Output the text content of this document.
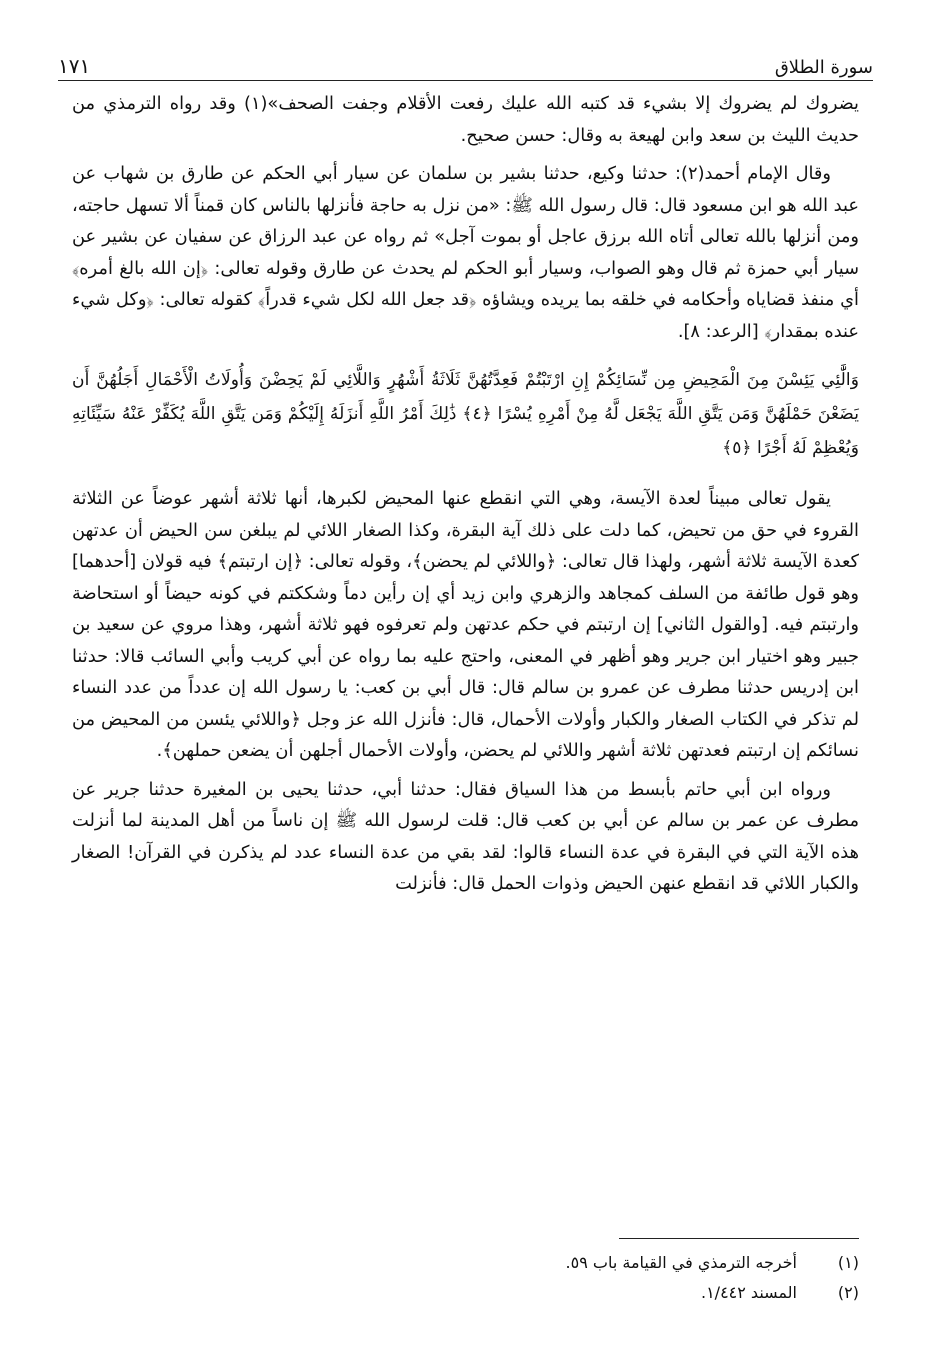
سورة الطلاق
١٧١

يضروك لم يضروك إلا بشيء قد كتبه الله عليك رفعت الأقلام وجفت الصحف»(١) وقد رواه الترمذي من حديث الليث بن سعد وابن لهيعة به وقال: حسن صحيح.

وقال الإمام أحمد(٢): حدثنا وكيع، حدثنا بشير بن سلمان عن سيار أبي الحكم عن طارق بن شهاب عن عبد الله هو ابن مسعود قال: قال رسول الله ﷺ: «من نزل به حاجة فأنزلها بالناس كان قمناً ألا تسهل حاجته، ومن أنزلها بالله تعالى أتاه الله برزق عاجل أو بموت آجل» ثم رواه عن عبد الرزاق عن سفيان عن بشير عن سيار أبي حمزة ثم قال وهو الصواب، وسيار أبو الحكم لم يحدث عن طارق وقوله تعالى: ﴿إن الله بالغ أمره﴾ أي منفذ قضاياه وأحكامه في خلقه بما يريده ويشاؤه ﴿قد جعل الله لكل شيء قدراً﴾ كقوله تعالى: ﴿وكل شيء عنده بمقدار﴾ [الرعد: ٨].

وَالَّٰئِي يَئِسْنَ مِنَ الْمَحِيضِ مِن نِّسَائِكُمْ إِنِ ارْتَبْتُمْ فَعِدَّتُهُنَّ ثَلَاثَةُ أَشْهُرٍ وَاللَّائِي لَمْ يَحِضْنَ وَأُولَاتُ الْأَحْمَالِ أَجَلُهُنَّ أَن يَضَعْنَ حَمْلَهُنَّ وَمَن يَتَّقِ اللَّهَ يَجْعَل لَّهُ مِنْ أَمْرِهِ يُسْرًا ﴿٤﴾ ذَٰلِكَ أَمْرُ اللَّهِ أَنزَلَهُ إِلَيْكُمْ وَمَن يَتَّقِ اللَّهَ يُكَفِّرْ عَنْهُ سَيِّئَاتِهِ وَيُعْظِمْ لَهُ أَجْرًا ﴿٥﴾

يقول تعالى مبيناً لعدة الآيسة، وهي التي انقطع عنها المحيض لكبرها، أنها ثلاثة أشهر عوضاً عن الثلاثة القروء في حق من تحيض، كما دلت على ذلك آية البقرة، وكذا الصغار اللائي لم يبلغن سن الحيض أن عدتهن كعدة الآيسة ثلاثة أشهر، ولهذا قال تعالى: ﴿واللائي لم يحضن﴾، وقوله تعالى: ﴿إن ارتبتم﴾ فيه قولان [أحدهما] وهو قول طائفة من السلف كمجاهد والزهري وابن زيد أي إن رأين دماً وشككتم في كونه حيضاً أو استحاضة وارتبتم فيه. [والقول الثاني] إن ارتبتم في حكم عدتهن ولم تعرفوه فهو ثلاثة أشهر، وهذا مروي عن سعيد بن جبير وهو اختيار ابن جرير وهو أظهر في المعنى، واحتج عليه بما رواه عن أبي كريب وأبي السائب قالا: حدثنا ابن إدريس حدثنا مطرف عن عمرو بن سالم قال: قال أبي بن كعب: يا رسول الله إن عدداً من عدد النساء لم تذكر في الكتاب الصغار والكبار وأولات الأحمال، قال: فأنزل الله عز وجل ﴿واللائي يئسن من المحيض من نسائكم إن ارتبتم فعدتهن ثلاثة أشهر واللائي لم يحضن، وأولات الأحمال أجلهن أن يضعن حملهن﴾.

ورواه ابن أبي حاتم بأبسط من هذا السياق فقال: حدثنا أبي، حدثنا يحيى بن المغيرة حدثنا جرير عن مطرف عن عمر بن سالم عن أبي بن كعب قال: قلت لرسول الله ﷺ إن ناساً من أهل المدينة لما أنزلت هذه الآية التي في البقرة في عدة النساء قالوا: لقد بقي من عدة النساء عدد لم يذكرن في القرآن! الصغار والكبار اللائي قد انقطع عنهن الحيض وذوات الحمل قال: فأنزلت

(١)
أخرجه الترمذي في القيامة باب ٥٩.
(٢)
المسند ١/٤٤٢.
